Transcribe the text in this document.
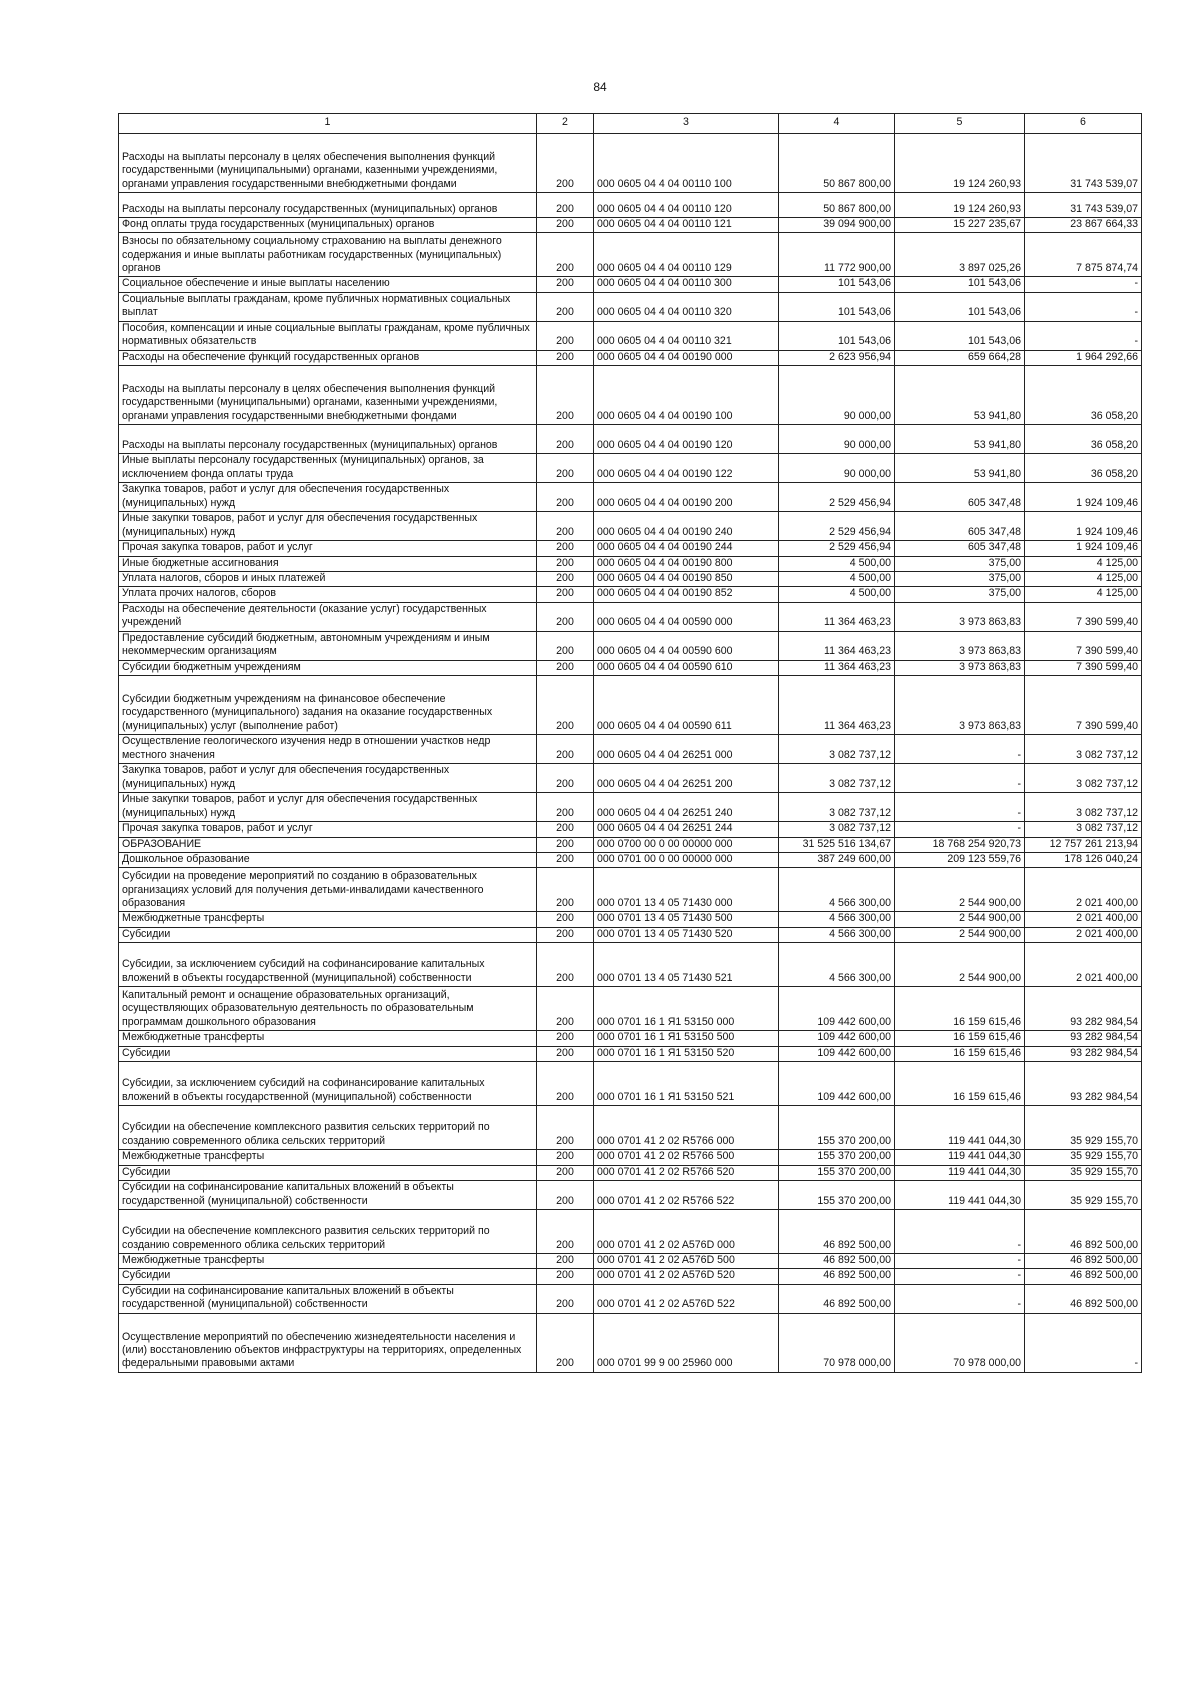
84
1	2	3	4	5	6
Расходы на выплаты персоналу в целях обеспечения выполнения функций государственными (муниципальными) органами, казенными учреждениями, органами управления государственными внебюджетными фондами	200	000 0605 04 4 04 00110 100	50 867 800,00	19 124 260,93	31 743 539,07
Расходы на выплаты персоналу государственных (муниципальных) органов	200	000 0605 04 4 04 00110 120	50 867 800,00	19 124 260,93	31 743 539,07
Фонд оплаты труда государственных (муниципальных) органов	200	000 0605 04 4 04 00110 121	39 094 900,00	15 227 235,67	23 867 664,33
Взносы по обязательному социальному страхованию на выплаты денежного содержания и иные выплаты работникам государственных (муниципальных) органов	200	000 0605 04 4 04 00110 129	11 772 900,00	3 897 025,26	7 875 874,74
Социальное обеспечение и иные выплаты населению	200	000 0605 04 4 04 00110 300	101 543,06	101 543,06	-
Социальные выплаты гражданам, кроме публичных нормативных социальных выплат	200	000 0605 04 4 04 00110 320	101 543,06	101 543,06	-
Пособия, компенсации и иные социальные выплаты гражданам, кроме публичных нормативных обязательств	200	000 0605 04 4 04 00110 321	101 543,06	101 543,06	-
Расходы на обеспечение функций государственных органов	200	000 0605 04 4 04 00190 000	2 623 956,94	659 664,28	1 964 292,66
Расходы на выплаты персоналу в целях обеспечения выполнения функций государственными (муниципальными) органами, казенными учреждениями, органами управления государственными внебюджетными фондами	200	000 0605 04 4 04 00190 100	90 000,00	53 941,80	36 058,20
Расходы на выплаты персоналу государственных (муниципальных) органов	200	000 0605 04 4 04 00190 120	90 000,00	53 941,80	36 058,20
Иные выплаты персоналу государственных (муниципальных) органов, за исключением фонда оплаты труда	200	000 0605 04 4 04 00190 122	90 000,00	53 941,80	36 058,20
Закупка товаров, работ и услуг для обеспечения государственных (муниципальных) нужд	200	000 0605 04 4 04 00190 200	2 529 456,94	605 347,48	1 924 109,46
Иные закупки товаров, работ и услуг для обеспечения государственных (муниципальных) нужд	200	000 0605 04 4 04 00190 240	2 529 456,94	605 347,48	1 924 109,46
Прочая закупка товаров, работ и услуг	200	000 0605 04 4 04 00190 244	2 529 456,94	605 347,48	1 924 109,46
Иные бюджетные ассигнования	200	000 0605 04 4 04 00190 800	4 500,00	375,00	4 125,00
Уплата налогов, сборов и иных платежей	200	000 0605 04 4 04 00190 850	4 500,00	375,00	4 125,00
Уплата прочих налогов, сборов	200	000 0605 04 4 04 00190 852	4 500,00	375,00	4 125,00
Расходы на обеспечение деятельности (оказание услуг) государственных учреждений	200	000 0605 04 4 04 00590 000	11 364 463,23	3 973 863,83	7 390 599,40
Предоставление субсидий бюджетным, автономным учреждениям и иным некоммерческим организациям	200	000 0605 04 4 04 00590 600	11 364 463,23	3 973 863,83	7 390 599,40
Субсидии бюджетным учреждениям	200	000 0605 04 4 04 00590 610	11 364 463,23	3 973 863,83	7 390 599,40
Субсидии бюджетным учреждениям на финансовое обеспечение государственного (муниципального) задания на оказание государственных (муниципальных) услуг (выполнение работ)	200	000 0605 04 4 04 00590 611	11 364 463,23	3 973 863,83	7 390 599,40
Осуществление геологического изучения недр в отношении участков недр местного значения	200	000 0605 04 4 04 26251 000	3 082 737,12	-	3 082 737,12
Закупка товаров, работ и услуг для обеспечения государственных (муниципальных) нужд	200	000 0605 04 4 04 26251 200	3 082 737,12	-	3 082 737,12
Иные закупки товаров, работ и услуг для обеспечения государственных (муниципальных) нужд	200	000 0605 04 4 04 26251 240	3 082 737,12	-	3 082 737,12
Прочая закупка товаров, работ и услуг	200	000 0605 04 4 04 26251 244	3 082 737,12	-	3 082 737,12
ОБРАЗОВАНИЕ	200	000 0700 00 0 00 00000 000	31 525 516 134,67	18 768 254 920,73	12 757 261 213,94
Дошкольное образование	200	000 0701 00 0 00 00000 000	387 249 600,00	209 123 559,76	178 126 040,24
Субсидии на проведение мероприятий по созданию в образовательных организациях условий для получения детьми-инвалидами качественного образования	200	000 0701 13 4 05 71430 000	4 566 300,00	2 544 900,00	2 021 400,00
Межбюджетные трансферты	200	000 0701 13 4 05 71430 500	4 566 300,00	2 544 900,00	2 021 400,00
Субсидии	200	000 0701 13 4 05 71430 520	4 566 300,00	2 544 900,00	2 021 400,00
Субсидии, за исключением субсидий на софинансирование капитальных вложений в объекты государственной (муниципальной) собственности	200	000 0701 13 4 05 71430 521	4 566 300,00	2 544 900,00	2 021 400,00
Капитальный ремонт и оснащение образовательных организаций, осуществляющих образовательную деятельность по образовательным программам дошкольного образования	200	000 0701 16 1 Я1 53150 000	109 442 600,00	16 159 615,46	93 282 984,54
Межбюджетные трансферты	200	000 0701 16 1 Я1 53150 500	109 442 600,00	16 159 615,46	93 282 984,54
Субсидии	200	000 0701 16 1 Я1 53150 520	109 442 600,00	16 159 615,46	93 282 984,54
Субсидии, за исключением субсидий на софинансирование капитальных вложений в объекты государственной (муниципальной) собственности	200	000 0701 16 1 Я1 53150 521	109 442 600,00	16 159 615,46	93 282 984,54
Субсидии на обеспечение комплексного развития сельских территорий по созданию современного облика сельских территорий	200	000 0701 41 2 02 R5766 000	155 370 200,00	119 441 044,30	35 929 155,70
Межбюджетные трансферты	200	000 0701 41 2 02 R5766 500	155 370 200,00	119 441 044,30	35 929 155,70
Субсидии	200	000 0701 41 2 02 R5766 520	155 370 200,00	119 441 044,30	35 929 155,70
Субсидии на софинансирование капитальных вложений в объекты государственной (муниципальной) собственности	200	000 0701 41 2 02 R5766 522	155 370 200,00	119 441 044,30	35 929 155,70
Субсидии на обеспечение комплексного развития сельских территорий по созданию современного облика сельских территорий	200	000 0701 41 2 02 A576D 000	46 892 500,00	-	46 892 500,00
Межбюджетные трансферты	200	000 0701 41 2 02 A576D 500	46 892 500,00	-	46 892 500,00
Субсидии	200	000 0701 41 2 02 A576D 520	46 892 500,00	-	46 892 500,00
Субсидии на софинансирование капитальных вложений в объекты государственной (муниципальной) собственности	200	000 0701 41 2 02 A576D 522	46 892 500,00	-	46 892 500,00
Осуществление мероприятий по обеспечению жизнедеятельности населения и (или) восстановлению объектов инфраструктуры на территориях, определенных федеральными правовыми актами	200	000 0701 99 9 00 25960 000	70 978 000,00	70 978 000,00	-
